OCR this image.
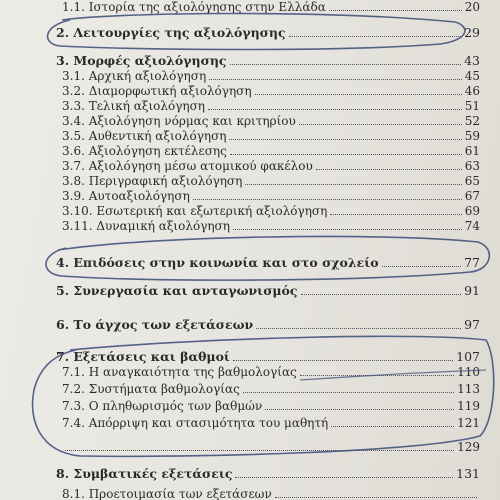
1.1. Ιστορία της αξιολόγησης στην Ελλάδα	20
2. Λειτουργίες της αξιολόγησης	29
3. Μορφές αξιολόγησης	43
3.1. Αρχική αξιολόγηση	45
3.2. Διαμορφωτική αξιολόγηση	46
3.3. Τελική αξιολόγηση	51
3.4. Αξιολόγηση νόρμας και κριτηρίου	52
3.5. Αυθεντική αξιολόγηση	59
3.6. Αξιολόγηση εκτέλεσης	61
3.7. Αξιολόγηση μέσω ατομικού φακέλου	63
3.8. Περιγραφική αξιολόγηση	65
3.9. Αυτοαξιολόγηση	67
3.10. Εσωτερική και εξωτερική αξιολόγηση	69
3.11. Δυναμική αξιολόγηση	74
4. Επιδόσεις στην κοινωνία και στο σχολείο	77
5. Συνεργασία και ανταγωνισμός	91
6. Το άγχος των εξετάσεων	97
7. Εξετάσεις και βαθμοί	107
7.1. Η αναγκαιότητα της βαθμολογίας	110
7.2. Συστήματα βαθμολογίας	113
7.3. Ο πληθωρισμός των βαθμών	119
7.4. Απόρριψη και στασιμότητα του μαθητή	121
129
8. Συμβατικές εξετάσεις	131
8.1. Προετοιμασία των εξετάσεων
